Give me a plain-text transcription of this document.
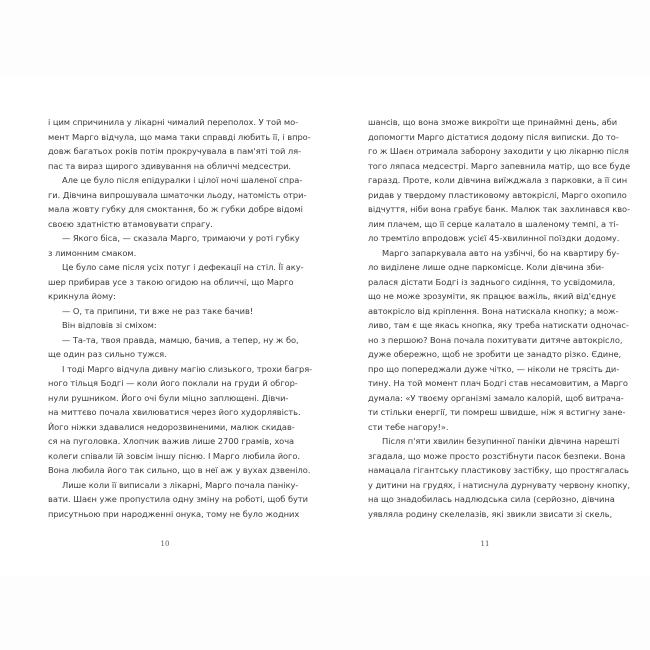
і цим спричинила у лікарні чималий переполох. У той мо-
мент Марго відчула, що мама таки справді любить її, і впро-
довж багатьох років потім прокручувала в пам'яті той ля-
пас та вираз щирого здивування на обличчі медсестри.
Але це було після епідуралки і цілої ночі шаленої спра-
ги. Дівчина випрошувала шматочки льоду, натомість отри-
мала жовту губку для смоктання, бо ж губки добре відомі
своєю здатністю втамовувати спрагу.
— Якого біса, — сказала Марго, тримаючи у роті губку
з лимонним смаком.
Це було саме після усіх потуг і дефекації на стіл. Її аку-
шер прибирав усе з такою огидою на обличчі, що Марго
крикнула йому:
— О, та припини, ти вже не раз таке бачив!
Він відповів зі сміхом:
— Та-та, твоя правда, мамцю, бачив, а тепер, ну ж бо,
ще один раз сильно тужся.
І тоді Марго відчула дивну магію слизького, трохи багря-
ного тільця Бодгі — коли його поклали на груди й обгор-
нули рушником. Його очі були міцно заплющені. Дівчи-
на миттєво почала хвилюватися через його худорлявість.
Його ніжки здавалися недорозвиненими, малюк скидав-
ся на пуголовка. Хлопчик важив лише 2700 грамів, хоча
колеги співали їй зовсім іншу пісню. І Марго любила його.
Вона любила його так сильно, що в неї аж у вухах дзвеніло.
Лише коли її виписали з лікарні, Марго почала паніку-
вати. Шаєн уже пропустила одну зміну на роботі, щоб бути
присутньою при народженні онука, тому не було жодних
шансів, що вона зможе викроїти ще принаймні день, аби
допомогти Марго дістатися додому після виписки. До то-
го ж Шаєн отримала заборону заходити у цю лікарню після
того ляпаса медсестрі. Марго запевнила матір, що все буде
гаразд. Проте, коли дівчина виїжджала з парковки, а її син
ридав у твердому пластиковому автокріслі, Марго охопило
відчуття, ніби вона грабує банк. Малюк так захлинався кво-
лим плачем, що її серце калатало в шаленому темпі, а ті-
ло тремтіло впродовж усієї 45-хвилинної поїздки додому.
Марго запаркувала авто на узбіччі, бо на квартиру бу-
ло виділене лише одне паркомісце. Коли дівчина зби-
ралася дістати Бодгі із заднього сидіння, то усвідомила,
що не може зрозуміти, як працює важіль, який від'єднує
автокрісло від кріплення. Вона натискала кнопку; а мож-
ливо, там є ще якась кнопка, яку треба натискати одночас-
но з першою? Вона почала похитувати дитяче автокрісло,
дуже обережно, щоб не зробити це занадто різко. Єдине,
про що попереджали дуже чітко, — ніколи не трясіть ди-
тину. На той момент плач Бодгі став несамовитим, а Марго
думала: «У твоєму організмі замало калорій, щоб витрача-
ти стільки енергії, ти помреш швидше, ніж я встигну зане-
сти тебе нагору!».
Після п'яти хвилин безупинної паніки дівчина нарешті
згадала, що може просто розстібнути пасок безпеки. Вона
намацала гігантську пластикову застібку, що простягалась
у дитини на грудях, і натиснула дурнувату червону кнопку,
на що знадобилась надлюдська сила (серйозно, дівчина
уявляла родину скелелазів, які звикли звисати зі скель,
10	11
